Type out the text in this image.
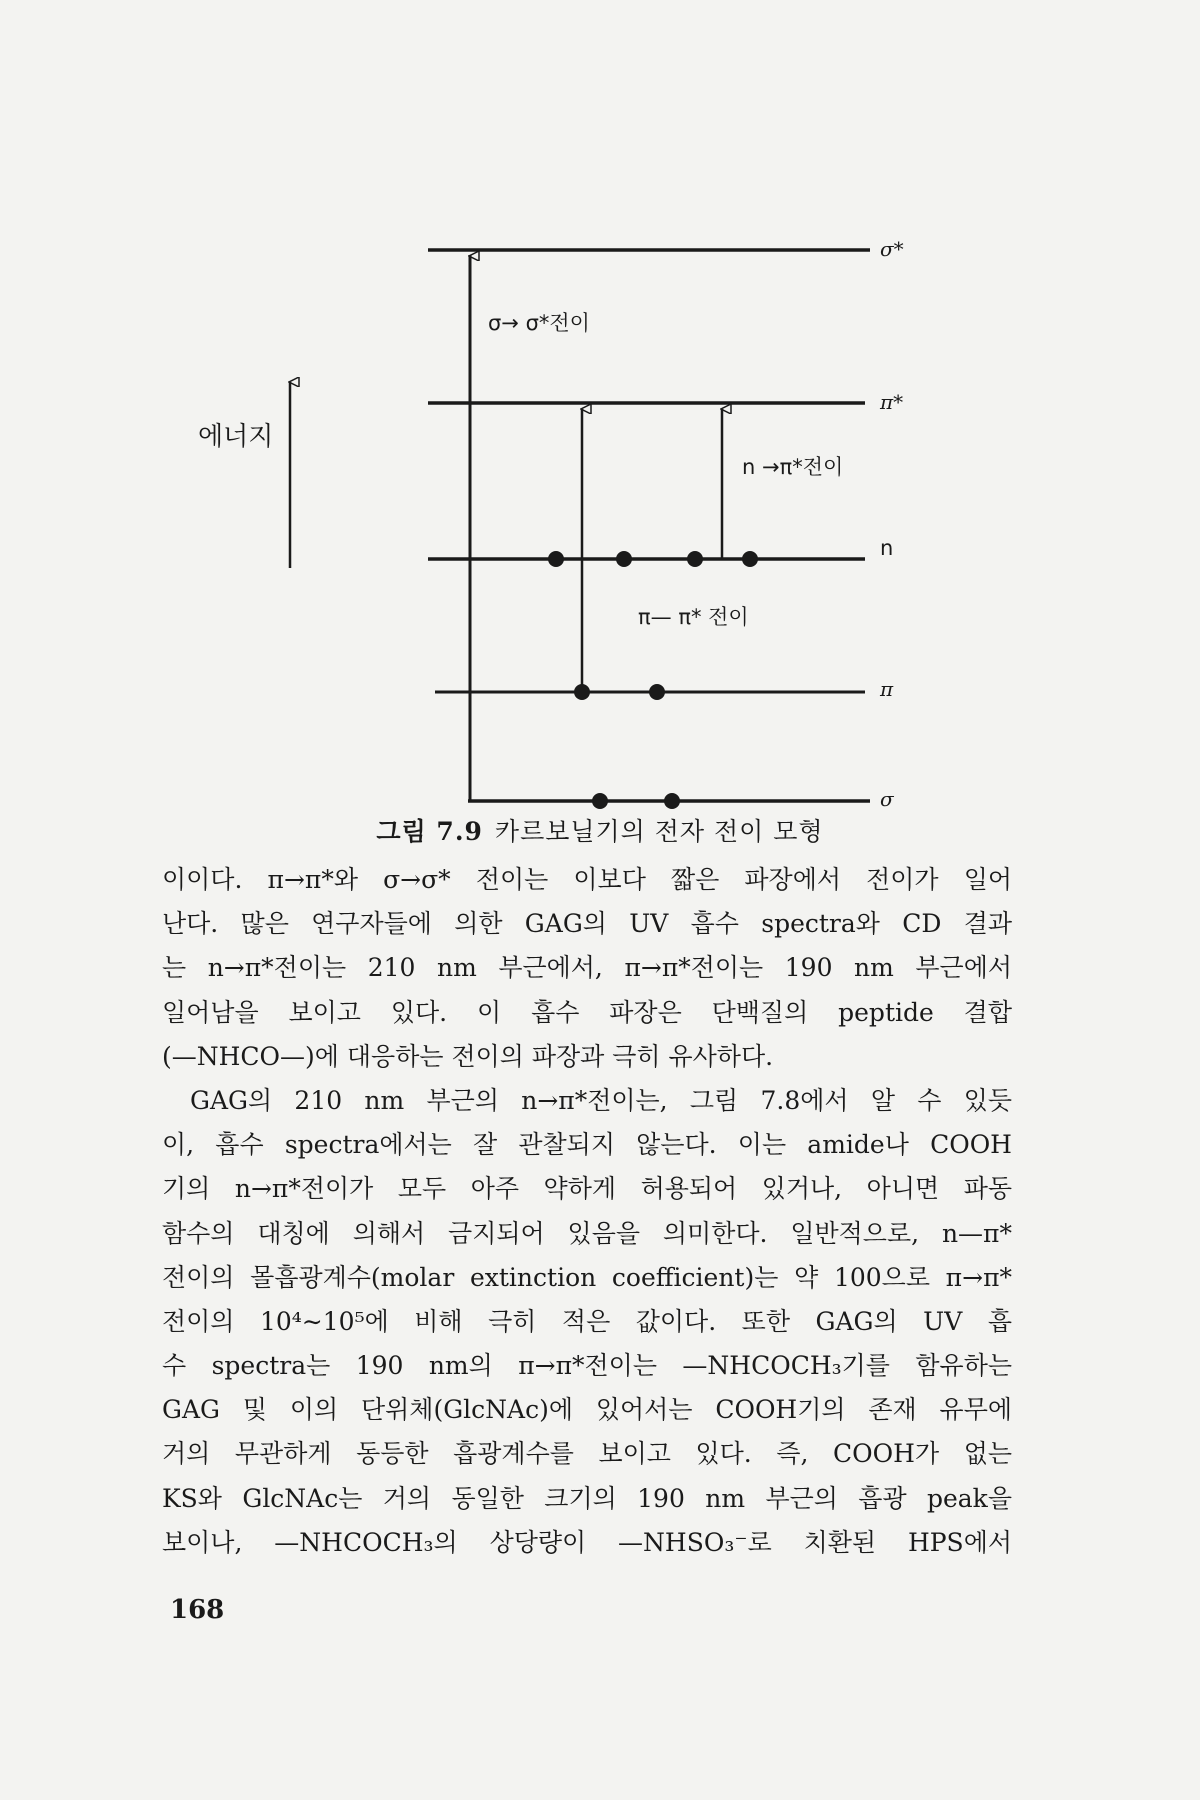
에너지
σ*
π*
n
π
σ
σ→ σ*전이
π— π* 전이
n →π*전이
그림 7.9 카르보닐기의 전자 전이 모형
이이다. π→π*와 σ→σ* 전이는 이보다 짧은 파장에서 전이가 일어
난다. 많은 연구자들에 의한 GAG의 UV 흡수 spectra와 CD 결과
는 n→π*전이는 210 nm 부근에서, π→π*전이는 190 nm 부근에서
일어남을 보이고 있다. 이 흡수 파장은 단백질의 peptide 결합
(—NHCO—)에 대응하는 전이의 파장과 극히 유사하다.
GAG의 210 nm 부근의 n→π*전이는, 그림 7.8에서 알 수 있듯
이, 흡수 spectra에서는 잘 관찰되지 않는다. 이는 amide나 COOH
기의 n→π*전이가 모두 아주 약하게 허용되어 있거나, 아니면 파동
함수의 대칭에 의해서 금지되어 있음을 의미한다. 일반적으로, n—π*
전이의 몰흡광계수(molar extinction coefficient)는 약 100으로 π→π*
전이의 10⁴∼10⁵에 비해 극히 적은 값이다. 또한 GAG의 UV 흡
수 spectra는 190 nm의 π→π*전이는 —NHCOCH₃기를 함유하는
GAG 및 이의 단위체(GlcNAc)에 있어서는 COOH기의 존재 유무에
거의 무관하게 동등한 흡광계수를 보이고 있다. 즉, COOH가 없는
KS와 GlcNAc는 거의 동일한 크기의 190 nm 부근의 흡광 peak을
보이나, —NHCOCH₃의 상당량이 —NHSO₃⁻로 치환된 HPS에서
168
